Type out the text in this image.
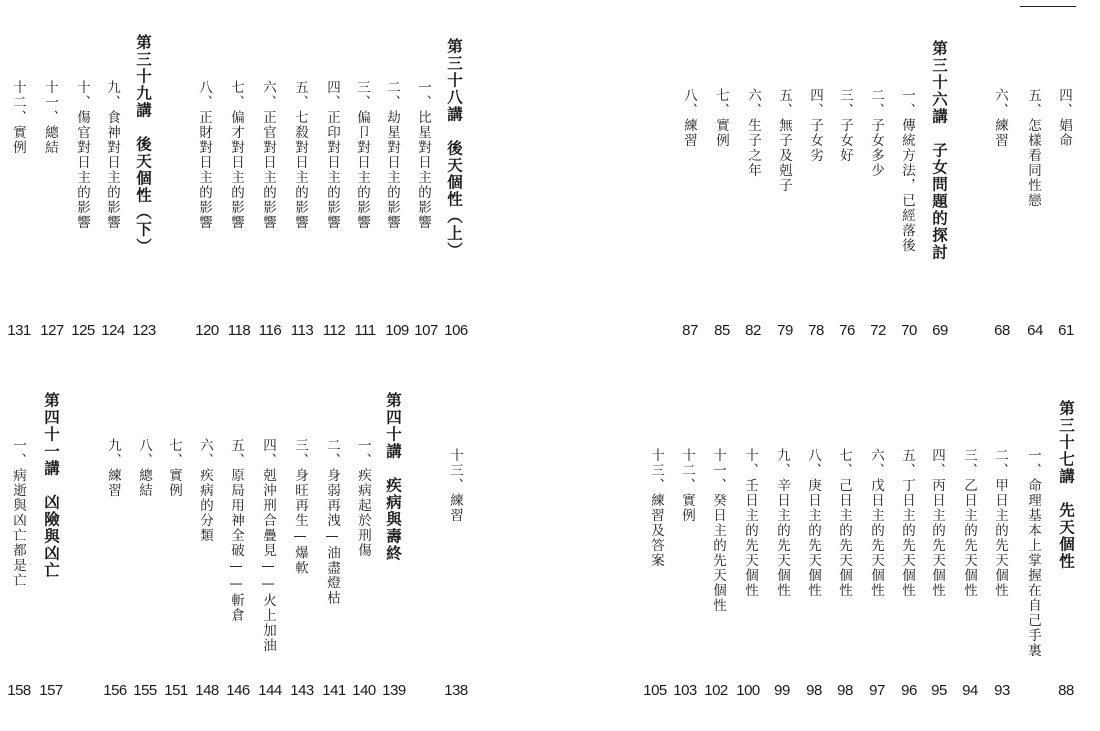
第三十八講　後天個性（上）
106
一、比星對日主的影響
107
二、劫星對日主的影響
109
三、偏卩對日主的影響
111
四、正印對日主的影響
112
五、七殺對日主的影響
113
六、正官對日主的影響
116
七、偏才對日主的影響
118
八、正財對日主的影響
120
第三十九講　後天個性（下）
123
九、食神對日主的影響
124
十、傷官對日主的影響
125
十一、總結
127
十二、實例
131
十三、練習
138
第四十講　疾病與壽終
139
一、疾病起於刑傷
140
二、身弱再洩—油盡燈枯
141
三、身旺再生—爆軟
143
四、剋沖刑合疊見——火上加油
144
五、原局用神全破——斬倉
146
六、疾病的分類
148
七、實例
151
八、總結
155
九、練習
156
第四十一講　凶險與凶亡
157
一、病逝與凶亡都是亡
158
四、娼命
61
五、怎樣看同性戀
64
六、練習
68
第三十六講　子女問題的探討
69
一、傳統方法，已經落後
70
二、子女多少
72
三、子女好
76
四、子女劣
78
五、無子及剋子
79
六、生子之年
82
七、實例
85
八、練習
87
第三十七講　先天個性
88
一、命理基本上掌握在自己手裏
93
二、甲日主的先天個性
三、乙日主的先天個性
94
四、丙日主的先天個性
95
五、丁日主的先天個性
96
六、戊日主的先天個性
97
七、己日主的先天個性
98
八、庚日主的先天個性
98
九、辛日主的先天個性
99
十、壬日主的先天個性
100
十一、癸日主的先天個性
102
十二、實例
103
十三、練習及答案
105
